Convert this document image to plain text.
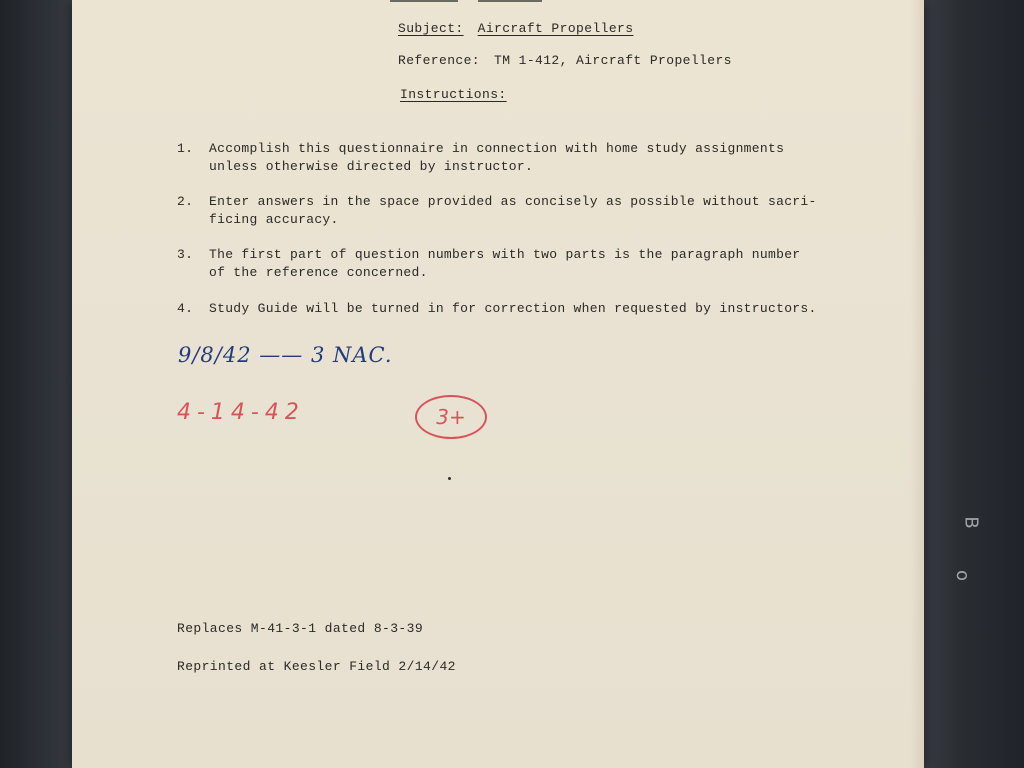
B
o
Subject: Aircraft Propellers
Reference: TM 1-412, Aircraft Propellers
Instructions:
1.	Accomplish this questionnaire in connection with home study assignments
unless otherwise directed by instructor.
2.	Enter answers in the space provided as concisely as possible without sacri-
ficing accuracy.
3.	The first part of question numbers with two parts is the paragraph number
of the reference concerned.
4.	Study Guide will be turned in for correction when requested by instructors.
9/8/42 —— 3 NAC.
4-14-42	3+
Replaces M-41-3-1 dated 8-3-39
Reprinted at Keesler Field 2/14/42
